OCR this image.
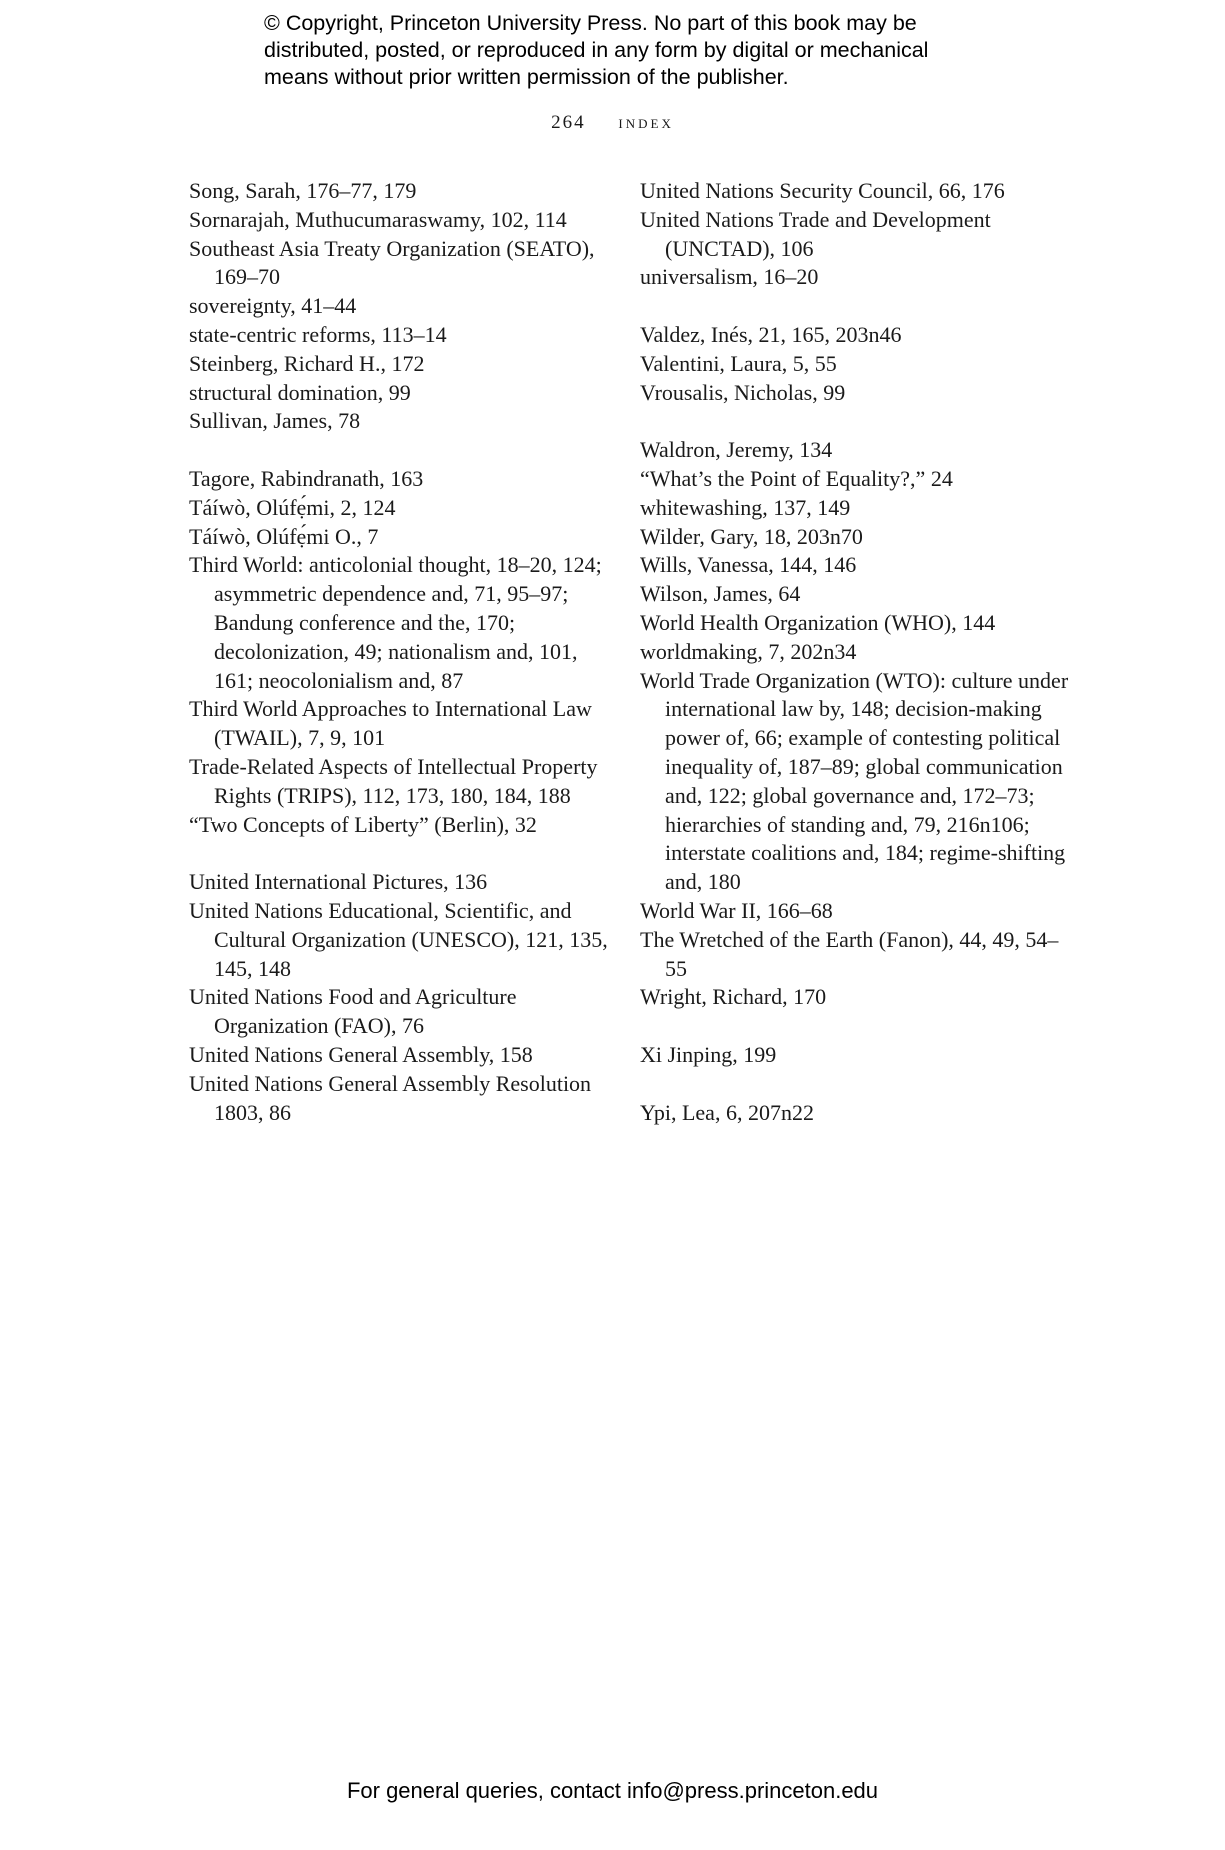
© Copyright, Princeton University Press. No part of this book may be
distributed, posted, or reproduced in any form by digital or mechanical
means without prior written permission of the publisher.
264 index
Song, Sarah, 176–77, 179
Sornarajah, Muthucumaraswamy, 102, 114
Southeast Asia Treaty Organization (SEATO), 169–70
sovereignty, 41–44
state-centric reforms, 113–14
Steinberg, Richard H., 172
structural domination, 99
Sullivan, James, 78
Tagore, Rabindranath, 163
Táíwò, Olúfẹ́mi, 2, 124
Táíwò, Olúfẹ́mi O., 7
Third World: anticolonial thought, 18–20, 124; asymmetric dependence and, 71, 95–97; Bandung conference and the, 170; decolonization, 49; nationalism and, 101, 161; neocolonialism and, 87
Third World Approaches to International Law (TWAIL), 7, 9, 101
Trade-Related Aspects of Intellectual Property Rights (TRIPS), 112, 173, 180, 184, 188
“Two Concepts of Liberty” (Berlin), 32
United International Pictures, 136
United Nations Educational, Scientific, and Cultural Organization (UNESCO), 121, 135, 145, 148
United Nations Food and Agriculture Organization (FAO), 76
United Nations General Assembly, 158
United Nations General Assembly Resolution 1803, 86
United Nations Security Council, 66, 176
United Nations Trade and Development (UNCTAD), 106
universalism, 16–20
Valdez, Inés, 21, 165, 203n46
Valentini, Laura, 5, 55
Vrousalis, Nicholas, 99
Waldron, Jeremy, 134
“What’s the Point of Equality?,” 24
whitewashing, 137, 149
Wilder, Gary, 18, 203n70
Wills, Vanessa, 144, 146
Wilson, James, 64
World Health Organization (WHO), 144
worldmaking, 7, 202n34
World Trade Organization (WTO): culture under international law by, 148; decision-making power of, 66; example of contesting political inequality of, 187–89; global communication and, 122; global governance and, 172–73; hierarchies of standing and, 79, 216n106; interstate coalitions and, 184; regime-shifting and, 180
World War II, 166–68
The Wretched of the Earth (Fanon), 44, 49, 54–55
Wright, Richard, 170
Xi Jinping, 199
Ypi, Lea, 6, 207n22
For general queries, contact info@press.princeton.edu
